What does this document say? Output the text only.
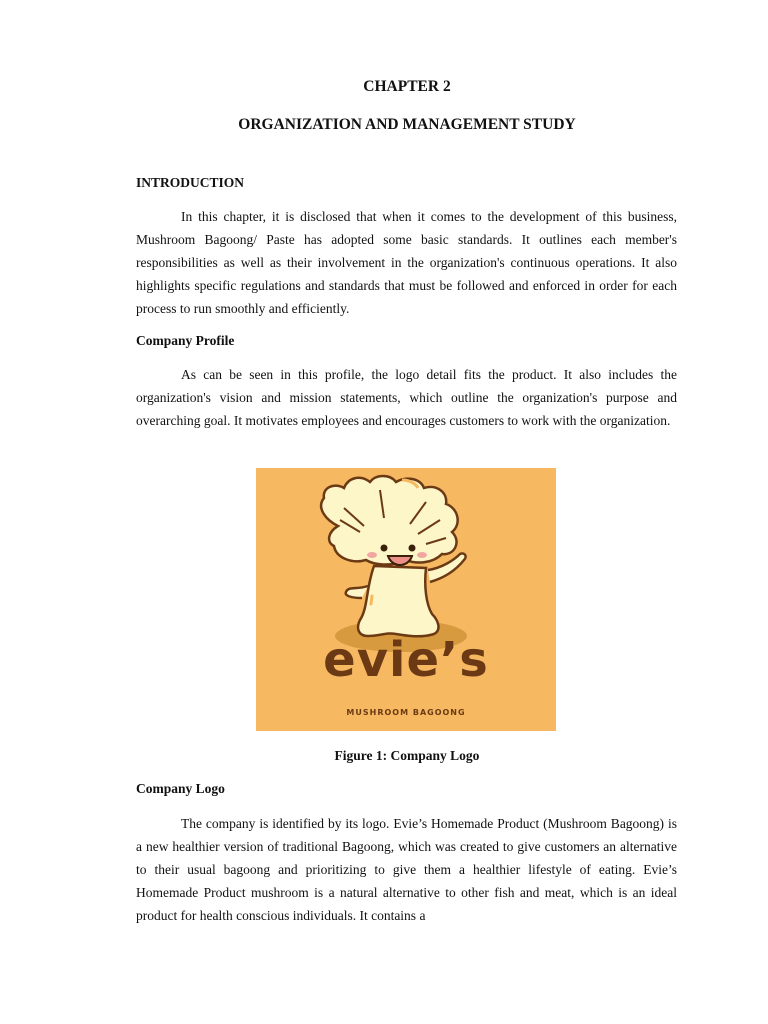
CHAPTER 2
ORGANIZATION AND MANAGEMENT STUDY
INTRODUCTION

In this chapter, it is disclosed that when it comes to the development of this business, Mushroom Bagoong/ Paste has adopted some basic standards. It outlines each member's responsibilities as well as their involvement in the organization's continuous operations. It also highlights specific regulations and standards that must be followed and enforced in order for each process to run smoothly and efficiently.

Company Profile

As can be seen in this profile, the logo detail fits the product. It also includes the organization's vision and mission statements, which outline the organization's purpose and overarching goal. It motivates employees and encourages customers to work with the organization.

evie’s
MUSHROOM BAGOONG
Figure 1: Company Logo
Company Logo

The company is identified by its logo. Evie’s Homemade Product (Mushroom Bagoong) is a new healthier version of traditional Bagoong, which was created to give customers an alternative to their usual bagoong and prioritizing to give them a healthier lifestyle of eating. Evie’s Homemade Product mushroom is a natural alternative to other fish and meat, which is an ideal product for health conscious individuals. It contains a
